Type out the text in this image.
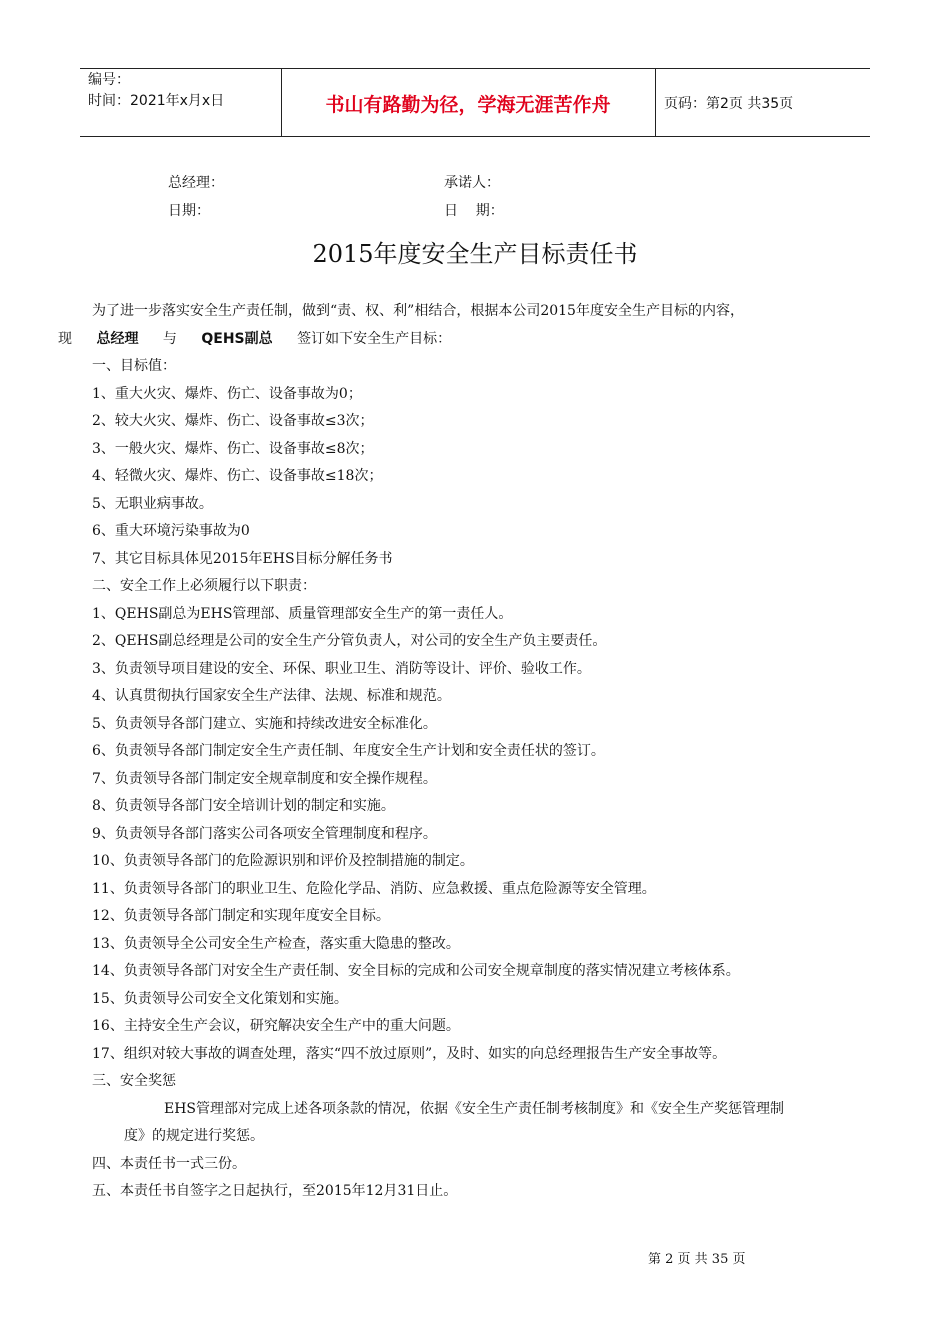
编号：
时间：2021年x月x日	书山有路勤为径，学海无涯苦作舟	页码：第2页 共35页
总经理：	承诺人：
日期：	日    期：
2015年度安全生产目标责任书
为了进一步落实安全生产责任制，做到“责、权、利”相结合，根据本公司2015年度安全生产目标的内容，
现 总经理 与 QEHS副总 签订如下安全生产目标：
一、目标值：
1、重大火灾、爆炸、伤亡、设备事故为0；
2、较大火灾、爆炸、伤亡、设备事故≤3次；
3、一般火灾、爆炸、伤亡、设备事故≤8次；
4、轻微火灾、爆炸、伤亡、设备事故≤18次；
5、无职业病事故。
6、重大环境污染事故为0
7、其它目标具体见2015年EHS目标分解任务书
二、安全工作上必须履行以下职责：
1、QEHS副总为EHS管理部、质量管理部安全生产的第一责任人。
2、QEHS副总经理是公司的安全生产分管负责人，对公司的安全生产负主要责任。
3、负责领导项目建设的安全、环保、职业卫生、消防等设计、评价、验收工作。
4、认真贯彻执行国家安全生产法律、法规、标准和规范。
5、负责领导各部门建立、实施和持续改进安全标准化。
6、负责领导各部门制定安全生产责任制、年度安全生产计划和安全责任状的签订。
7、负责领导各部门制定安全规章制度和安全操作规程。
8、负责领导各部门安全培训计划的制定和实施。
9、负责领导各部门落实公司各项安全管理制度和程序。
10、负责领导各部门的危险源识别和评价及控制措施的制定。
11、负责领导各部门的职业卫生、危险化学品、消防、应急救援、重点危险源等安全管理。
12、负责领导各部门制定和实现年度安全目标。
13、负责领导全公司安全生产检查，落实重大隐患的整改。
14、负责领导各部门对安全生产责任制、安全目标的完成和公司安全规章制度的落实情况建立考核体系。
15、负责领导公司安全文化策划和实施。
16、主持安全生产会议，研究解决安全生产中的重大问题。
17、组织对较大事故的调查处理，落实“四不放过原则”，及时、如实的向总经理报告生产安全事故等。
三、安全奖惩
EHS管理部对完成上述各项条款的情况，依据《安全生产责任制考核制度》和《安全生产奖惩管理制
度》的规定进行奖惩。
四、本责任书一式三份。
五、本责任书自签字之日起执行，至2015年12月31日止。
第 2 页 共 35 页
